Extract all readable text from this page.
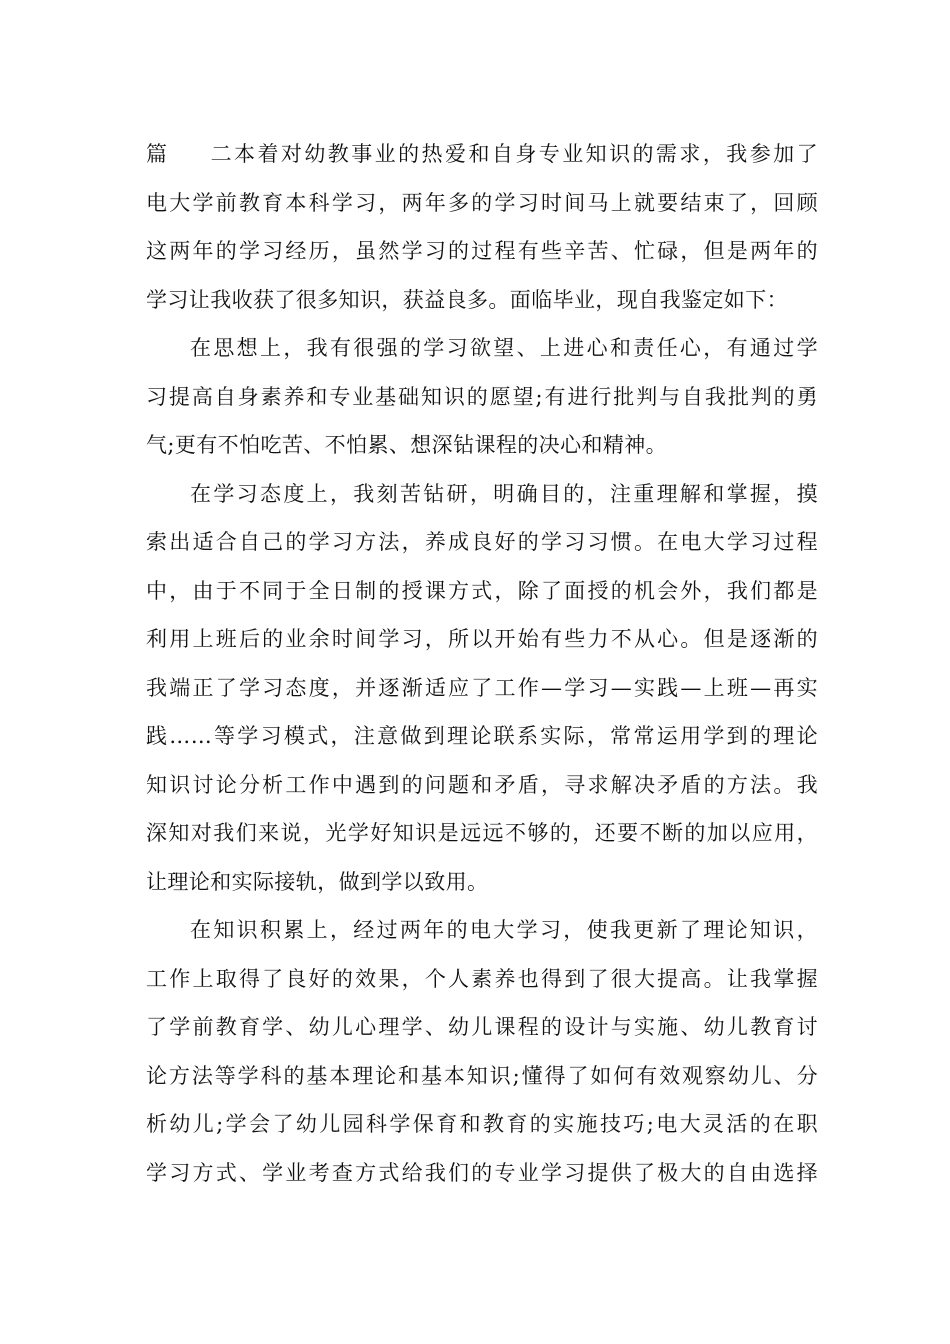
篇二本着对幼教事业的热爱和自身专业知识的需求，我参加了
电大学前教育本科学习，两年多的学习时间马上就要结束了，回顾
这两年的学习经历，虽然学习的过程有些辛苦、忙碌，但是两年的
学习让我收获了很多知识，获益良多。面临毕业，现自我鉴定如下：
在思想上，我有很强的学习欲望、上进心和责任心，有通过学
习提高自身素养和专业基础知识的愿望;有进行批判与自我批判的勇
气;更有不怕吃苦、不怕累、想深钻课程的决心和精神。
在学习态度上，我刻苦钻研，明确目的，注重理解和掌握，摸
索出适合自己的学习方法，养成良好的学习习惯。在电大学习过程
中，由于不同于全日制的授课方式，除了面授的机会外，我们都是
利用上班后的业余时间学习，所以开始有些力不从心。但是逐渐的
我端正了学习态度，并逐渐适应了工作—学习—实践—上班—再实
践……等学习模式，注意做到理论联系实际，常常运用学到的理论
知识讨论分析工作中遇到的问题和矛盾，寻求解决矛盾的方法。我
深知对我们来说，光学好知识是远远不够的，还要不断的加以应用，
让理论和实际接轨，做到学以致用。
在知识积累上，经过两年的电大学习，使我更新了理论知识，
工作上取得了良好的效果，个人素养也得到了很大提高。让我掌握
了学前教育学、幼儿心理学、幼儿课程的设计与实施、幼儿教育讨
论方法等学科的基本理论和基本知识;懂得了如何有效观察幼儿、分
析幼儿;学会了幼儿园科学保育和教育的实施技巧;电大灵活的在职
学习方式、学业考查方式给我们的专业学习提供了极大的自由选择
